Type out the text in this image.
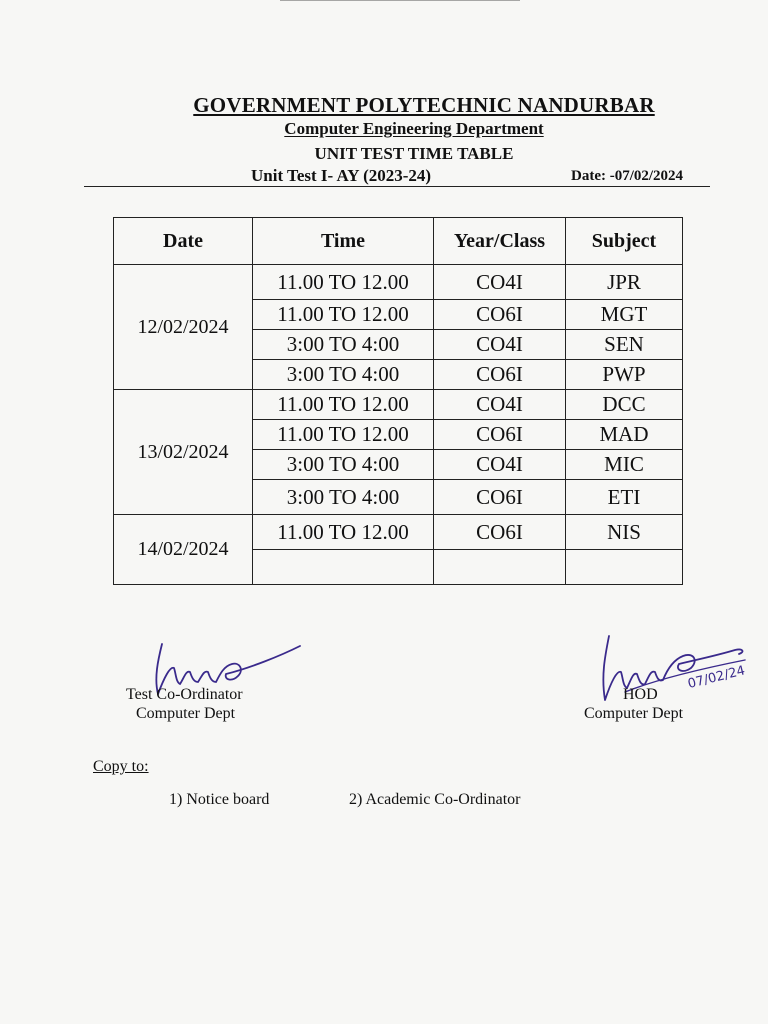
GOVERNMENT POLYTECHNIC NANDURBAR
Computer Engineering Department
UNIT TEST TIME TABLE
Unit Test I- AY (2023-24)	Date: -07/02/2024
Date	Time	Year/Class	Subject
12/02/2024	11.00 TO 12.00	CO4I	JPR
	11.00 TO 12.00	CO6I	MGT
	3:00 TO 4:00	CO4I	SEN
	3:00 TO 4:00	CO6I	PWP
13/02/2024	11.00 TO 12.00	CO4I	DCC
	11.00 TO 12.00	CO6I	MAD
	3:00 TO 4:00	CO4I	MIC
	3:00 TO 4:00	CO6I	ETI
14/02/2024	11.00 TO 12.00	CO6I	NIS

Test Co-Ordinator
Computer Dept
07/02/24
HOD
Computer Dept
Copy to:
1) Notice board	2) Academic Co-Ordinator
